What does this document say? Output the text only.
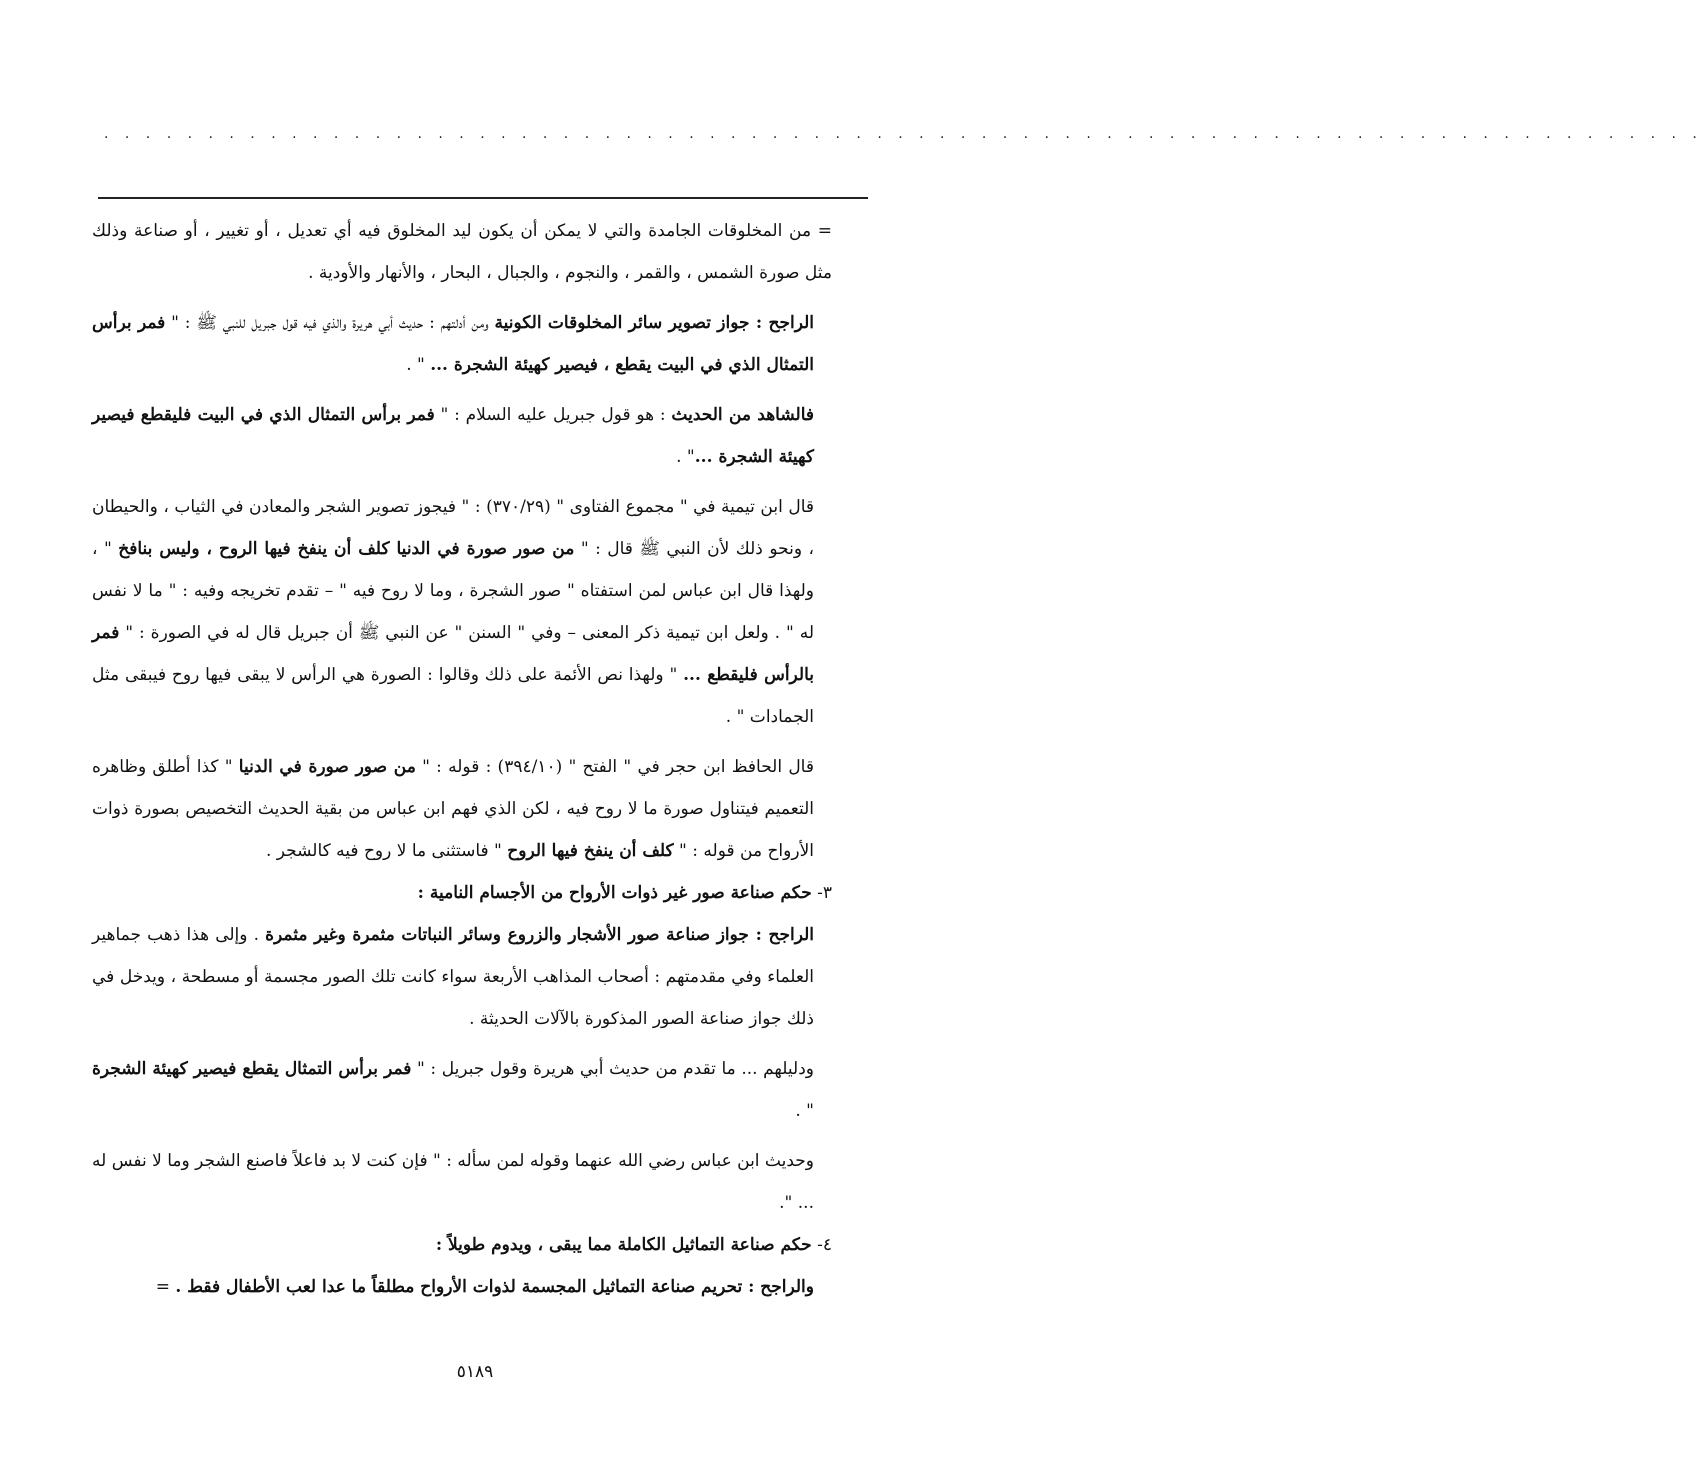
. . . . . . . . . . . . . . . . . . . . . . . . . . . . . . . . . . . . . . . . . . . . . . . . . . . . . . . . . . . . . . . . . . . . . . . . . . . . .

= من المخلوقات الجامدة والتي لا يمكن أن يكون ليد المخلوق فيه أي تعديل ، أو تغيير ، أو صناعة وذلك مثل صورة الشمس ، والقمر ، والنجوم ، والجبال ، البحار ، والأنهار والأودية .

الراجح : جواز تصوير سائر المخلوقات الكونية ومن أدلتهم : حديث أبي هريرة والذي فيه قول جبريل للنبي ﷺ : " فمر برأس التمثال الذي في البيت يقطع ، فيصير كهيئة الشجرة ... " .

فالشاهد من الحديث : هو قول جبريل عليه السلام : " فمر برأس التمثال الذي في البيت فليقطع فيصير كهيئة الشجرة ..." .

قال ابن تيمية في " مجموع الفتاوى " (٣٧٠/٢٩) : " فيجوز تصوير الشجر والمعادن في الثياب ، والحيطان ، ونحو ذلك لأن النبي ﷺ قال : " من صور صورة في الدنيا كلف أن ينفخ فيها الروح ، وليس بنافخ " ، ولهذا قال ابن عباس لمن استفتاه " صور الشجرة ، وما لا روح فيه " – تقدم تخريجه وفيه : " ما لا نفس له " . ولعل ابن تيمية ذكر المعنى – وفي " السنن " عن النبي ﷺ أن جبريل قال له في الصورة : " فمر بالرأس فليقطع ... " ولهذا نص الأئمة على ذلك وقالوا : الصورة هي الرأس لا يبقى فيها روح فيبقى مثل الجمادات " .

قال الحافظ ابن حجر في " الفتح " (٣٩٤/١٠) : قوله : " من صور صورة في الدنيا " كذا أطلق وظاهره التعميم فيتناول صورة ما لا روح فيه ، لكن الذي فهم ابن عباس من بقية الحديث التخصيص بصورة ذوات الأرواح من قوله : " كلف أن ينفخ فيها الروح " فاستثنى ما لا روح فيه كالشجر .

٣- حكم صناعة صور غير ذوات الأرواح من الأجسام النامية :

الراجح : جواز صناعة صور الأشجار والزروع وسائر النباتات مثمرة وغير مثمرة . وإلى هذا ذهب جماهير العلماء وفي مقدمتهم : أصحاب المذاهب الأربعة سواء كانت تلك الصور مجسمة أو مسطحة ، ويدخل في ذلك جواز صناعة الصور المذكورة بالآلات الحديثة .

ودليلهم ... ما تقدم من حديث أبي هريرة وقول جبريل : " فمر برأس التمثال يقطع فيصير كهيئة الشجرة " .

وحديث ابن عباس رضي الله عنهما وقوله لمن سأله : " فإن كنت لا بد فاعلاً فاصنع الشجر وما لا نفس له ... ".

٤- حكم صناعة التماثيل الكاملة مما يبقى ، ويدوم طويلاً :

والراجح : تحريم صناعة التماثيل المجسمة لذوات الأرواح مطلقاً ما عدا لعب الأطفال فقط . =

٥١٨٩
